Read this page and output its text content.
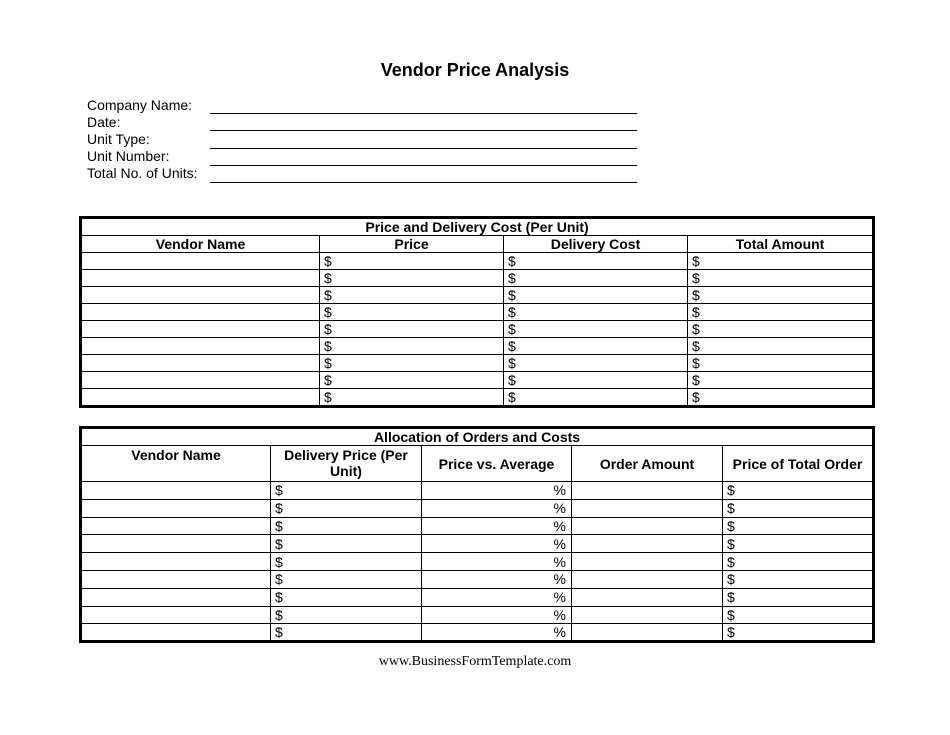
Vendor Price Analysis
Company Name:
Date:
Unit Type:
Unit Number:
Total No. of Units:
Price and Delivery Cost (Per Unit)			
Vendor Name	Price	Delivery Cost	Total Amount
	$	$	$
	$	$	$
	$	$	$
	$	$	$
	$	$	$
	$	$	$
	$	$	$
	$	$	$
	$	$	$
Allocation of Orders and Costs				
Vendor Name	Delivery Price (Per Unit)	Price vs. Average	Order Amount	Price of Total Order
	$	%		$
	$	%		$
	$	%		$
	$	%		$
	$	%		$
	$	%		$
	$	%		$
	$	%		$
	$	%		$
www.BusinessFormTemplate.com
